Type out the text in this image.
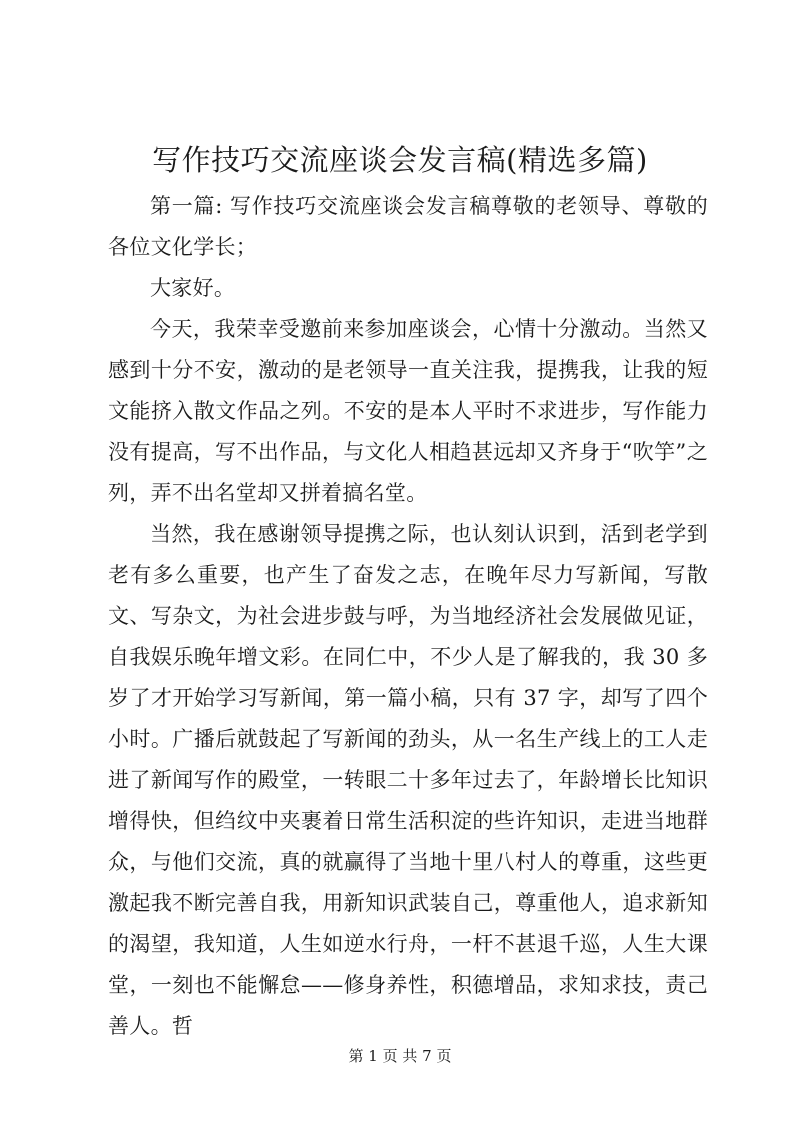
写作技巧交流座谈会发言稿(精选多篇)

第一篇: 写作技巧交流座谈会发言稿尊敬的老领导、尊敬的各位文化学长；

大家好。

今天，我荣幸受邀前来参加座谈会，心情十分激动。当然又感到十分不安，激动的是老领导一直关注我，提携我，让我的短文能挤入散文作品之列。不安的是本人平时不求进步，写作能力没有提高，写不出作品，与文化人相趋甚远却又齐身于“吹竽”之列，弄不出名堂却又拼着搞名堂。

当然，我在感谢领导提携之际，也认刻认识到，活到老学到老有多么重要，也产生了奋发之志，在晚年尽力写新闻，写散文、写杂文，为社会进步鼓与呼，为当地经济社会发展做见证，自我娱乐晚年增文彩。在同仁中，不少人是了解我的，我 30 多岁了才开始学习写新闻，第一篇小稿，只有 37 字，却写了四个小时。广播后就鼓起了写新闻的劲头，从一名生产线上的工人走进了新闻写作的殿堂，一转眼二十多年过去了，年龄增长比知识增得快，但绉纹中夹裹着日常生活积淀的些许知识，走进当地群众，与他们交流，真的就赢得了当地十里八村人的尊重，这些更激起我不断完善自我，用新知识武装自己，尊重他人，追求新知的渴望，我知道，人生如逆水行舟，一杆不甚退千巡，人生大课堂，一刻也不能懈怠——修身养性，积德增品，求知求技，责己善人。哲

第 1 页 共 7 页
